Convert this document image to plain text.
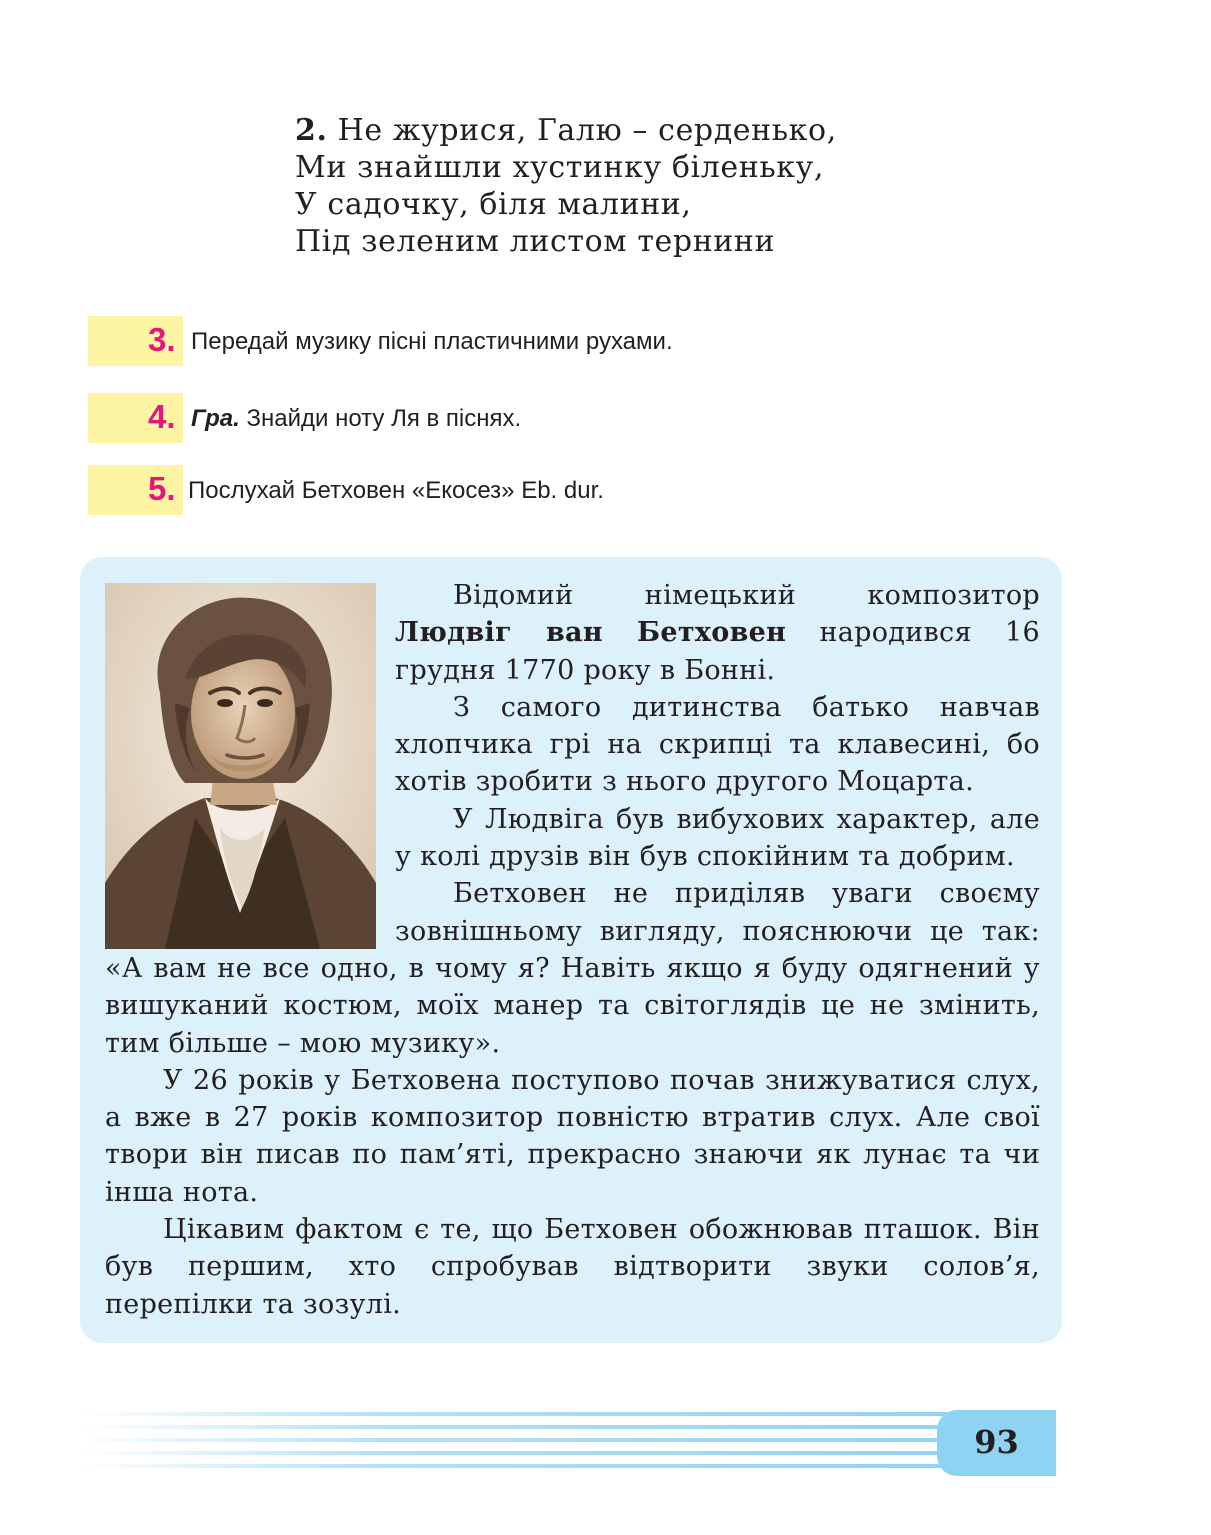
2. Не журися, Галю – серденько,
Ми знайшли хустинку біленьку,
У садочку, біля малини,
Під зеленим листом тернини
3. Передай музику пісні пластичними рухами.
4. Гра. Знайди ноту Ля в піснях.
5. Послухай Бетховен «Екосез» Eb. dur.

Відомий німецький композитор Людвіг ван Бетховен народився 16 грудня 1770 року в Бонні.

З самого дитинства батько навчав хлопчика грі на скрипці та клавесині, бо хотів зробити з нього другого Моцарта.

У Людвіга був вибухових характер, але у колі друзів він був спокійним та добрим.

Бетховен не приділяв уваги своєму зовнішньому вигляду, пояснюючи це так: «А вам не все одно, в чому я? Навіть якщо я буду одягнений у вишуканий костюм, моїх манер та світоглядів це не змінить, тим більше – мою музику».

У 26 років у Бетховена поступово почав знижуватися слух, а вже в 27 років композитор повністю втратив слух. Але свої твори він писав по пам’яті, прекрасно знаючи як лунає та чи інша нота.

Цікавим фактом є те, що Бетховен обожнював пташок. Він був першим, хто спробував відтворити звуки солов’я, перепілки та зозулі.

93
